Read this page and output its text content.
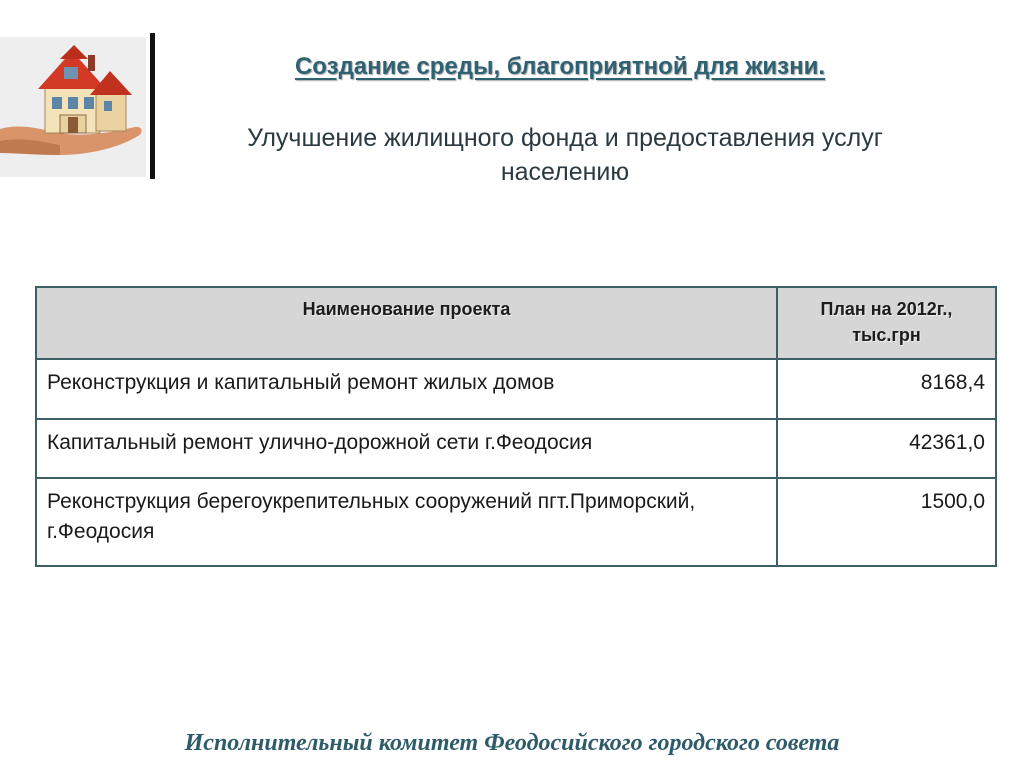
Создание среды, благоприятной для жизни.
Улучшение жилищного фонда и предоставления услуг населению
Наименование проекта	План на 2012г., тыс.грн
Реконструкция и капитальный ремонт жилых домов	8168,4
Капитальный ремонт улично-дорожной сети г.Феодосия	42361,0
Реконструкция берегоукрепительных сооружений пгт.Приморский, г.Феодосия	1500,0
Исполнительный комитет Феодосийского городского совета
